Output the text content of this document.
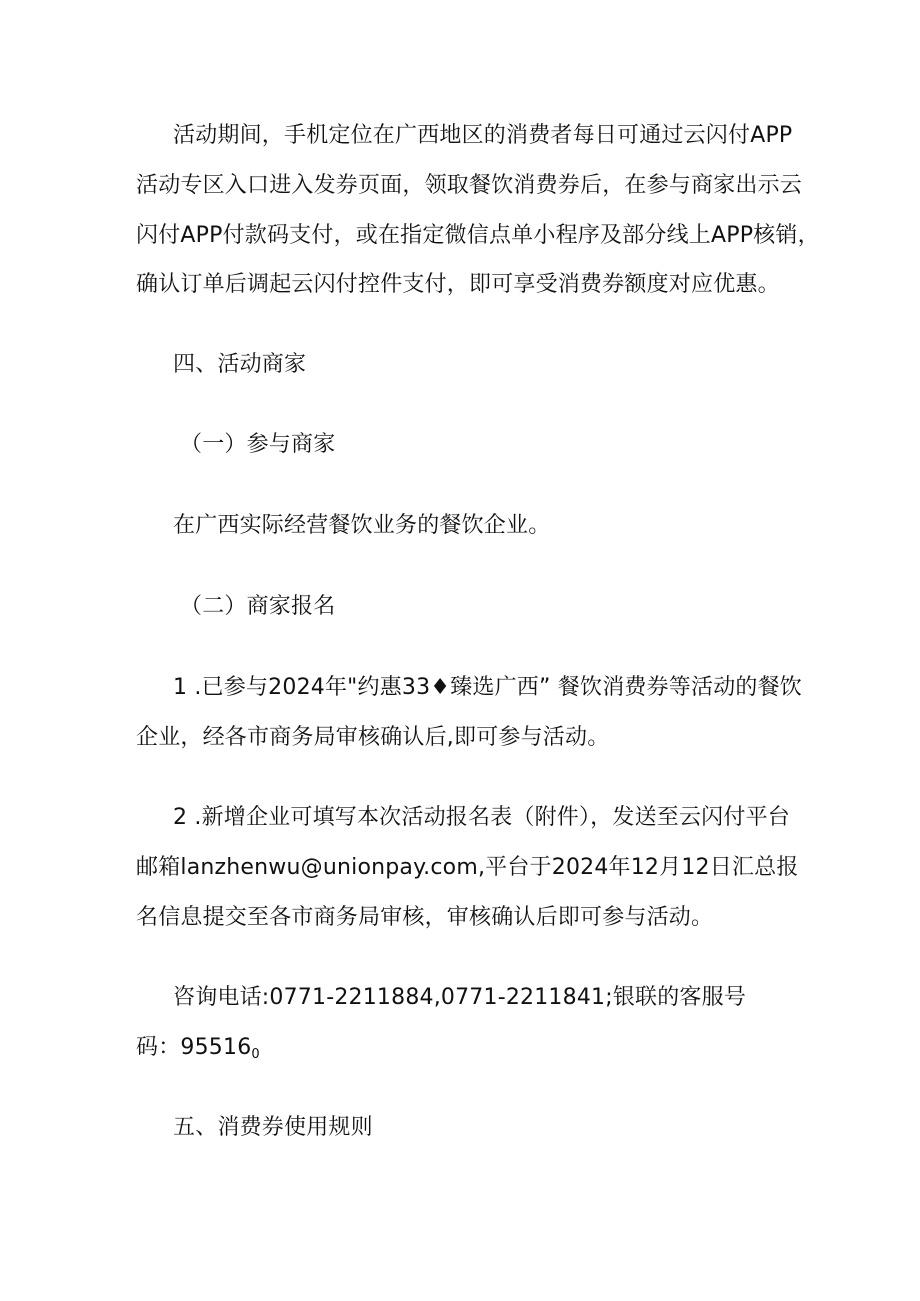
活动期间，手机定位在广西地区的消费者每日可通过云闪付APP
活动专区入口进入发券页面，领取餐饮消费券后，在参与商家出示云
闪付APP付款码支付，或在指定微信点单小程序及部分线上APP核销，
确认订单后调起云闪付控件支付，即可享受消费券额度对应优惠。
四、活动商家
（一）参与商家
在广西实际经营餐饮业务的餐饮企业。
（二）商家报名
1 .已参与2024年"约惠33♦臻选广西” 餐饮消费券等活动的餐饮
企业，经各市商务局审核确认后,即可参与活动。
2 .新增企业可填写本次活动报名表（附件），发送至云闪付平台
邮箱lanzhenwu@unionpay.com,平台于2024年12月12日汇总报
名信息提交至各市商务局审核，审核确认后即可参与活动。
咨询电话:0771-2211884,0771-2211841;银联的客服号
码：955160
五、消费券使用规则
